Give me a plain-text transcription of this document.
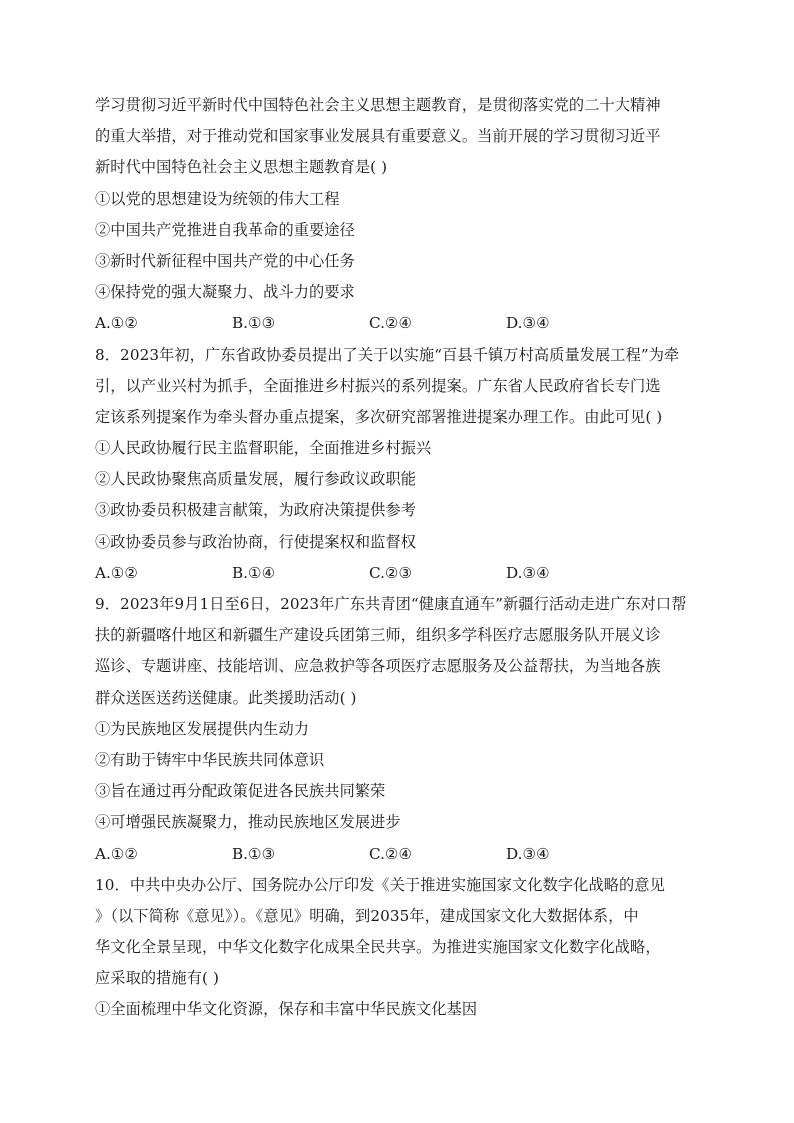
学习贯彻习近平新时代中国特色社会主义思想主题教育，是贯彻落实党的二十大精神
的重大举措，对于推动党和国家事业发展具有重要意义。当前开展的学习贯彻习近平
新时代中国特色社会主义思想主题教育是( )
①以党的思想建设为统领的伟大工程
②中国共产党推进自我革命的重要途径
③新时代新征程中国共产党的中心任务
④保持党的强大凝聚力、战斗力的要求
A.①②	B.①③	C.②④	D.③④
8．2023年初，广东省政协委员提出了关于以实施“百县千镇万村高质量发展工程”为牵
引，以产业兴村为抓手，全面推进乡村振兴的系列提案。广东省人民政府省长专门选
定该系列提案作为牵头督办重点提案，多次研究部署推进提案办理工作。由此可见( )
①人民政协履行民主监督职能，全面推进乡村振兴
②人民政协聚焦高质量发展，履行参政议政职能
③政协委员积极建言献策，为政府决策提供参考
④政协委员参与政治协商，行使提案权和监督权
A.①②	B.①④	C.②③	D.③④
9．2023年9月1日至6日，2023年广东共青团“健康直通车”新疆行活动走进广东对口帮
扶的新疆喀什地区和新疆生产建设兵团第三师，组织多学科医疗志愿服务队开展义诊
巡诊、专题讲座、技能培训、应急救护等各项医疗志愿服务及公益帮扶，为当地各族
群众送医送药送健康。此类援助活动( )
①为民族地区发展提供内生动力
②有助于铸牢中华民族共同体意识
③旨在通过再分配政策促进各民族共同繁荣
④可增强民族凝聚力，推动民族地区发展进步
A.①②	B.①③	C.②④	D.③④
10．中共中央办公厅、国务院办公厅印发《关于推进实施国家文化数字化战略的意见
》（以下简称《意见》）。《意见》明确，到2035年，建成国家文化大数据体系，中
华文化全景呈现，中华文化数字化成果全民共享。为推进实施国家文化数字化战略，
应采取的措施有( )
①全面梳理中华文化资源，保存和丰富中华民族文化基因
